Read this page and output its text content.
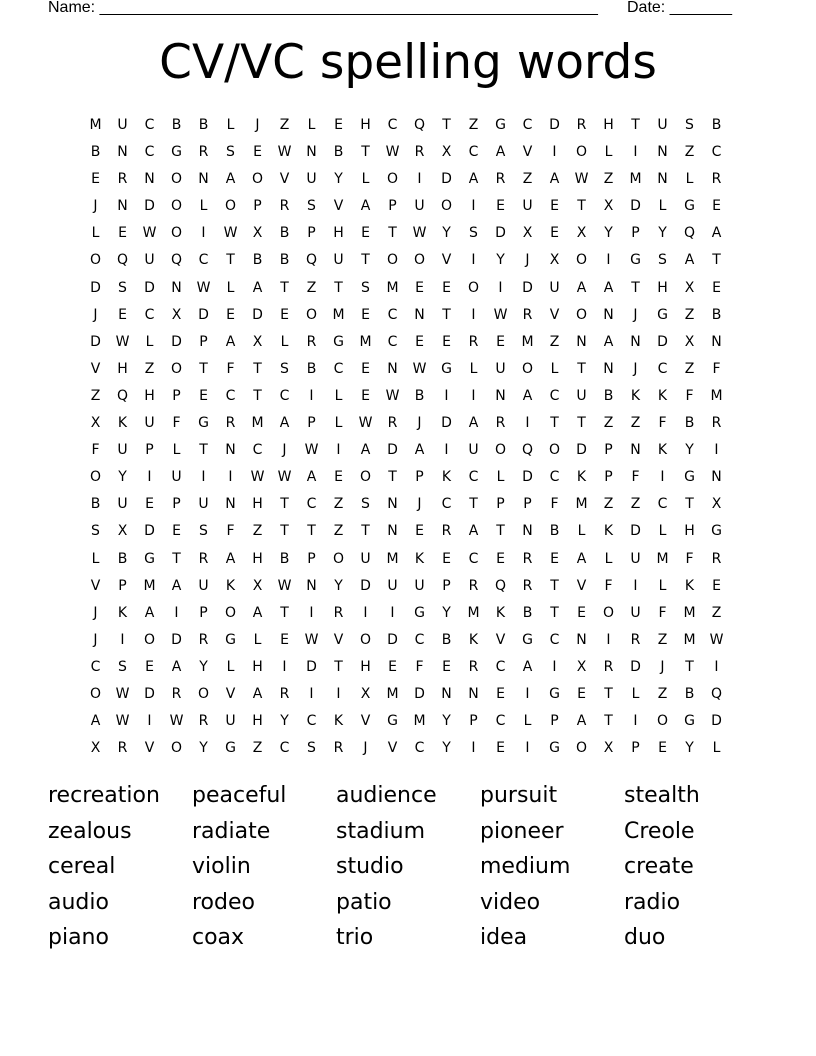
Name: ________________________________________________________ Date: _______
CV/VC spelling words
M	U	C	B	B	L	J	Z	L	E	H	C	Q	T	Z	G	C	D	R	H	T	U	S	B
B	N	C	G	R	S	E	W	N	B	T	W	R	X	C	A	V	I	O	L	I	N	Z	C
E	R	N	O	N	A	O	V	U	Y	L	O	I	D	A	R	Z	A	W	Z	M	N	L	R
J	N	D	O	L	O	P	R	S	V	A	P	U	O	I	E	U	E	T	X	D	L	G	E
L	E	W	O	I	W	X	B	P	H	E	T	W	Y	S	D	X	E	X	Y	P	Y	Q	A
O	Q	U	Q	C	T	B	B	Q	U	T	O	O	V	I	Y	J	X	O	I	G	S	A	T
D	S	D	N	W	L	A	T	Z	T	S	M	E	E	O	I	D	U	A	A	T	H	X	E
J	E	C	X	D	E	D	E	O	M	E	C	N	T	I	W	R	V	O	N	J	G	Z	B
D	W	L	D	P	A	X	L	R	G	M	C	E	E	R	E	M	Z	N	A	N	D	X	N
V	H	Z	O	T	F	T	S	B	C	E	N	W	G	L	U	O	L	T	N	J	C	Z	F
Z	Q	H	P	E	C	T	C	I	L	E	W	B	I	I	N	A	C	U	B	K	K	F	M
X	K	U	F	G	R	M	A	P	L	W	R	J	D	A	R	I	T	T	Z	Z	F	B	R
F	U	P	L	T	N	C	J	W	I	A	D	A	I	U	O	Q	O	D	P	N	K	Y	I
O	Y	I	U	I	I	W W	A	E	O	T	P	K	C	L	D	C	K	P	F	I	G	N
B	U	E	P	U	N	H	T	C	Z	S	N	J	C	T	P	P	F	M	Z	Z	C	T	X
S	X	D	E	S	F	Z	T	T	Z	T	N	E	R	A	T	N	B	L	K	D	L	H	G
L	B	G	T	R	A	H	B	P	O	U	M	K	E	C	E	R	E	A	L	U	M	F	R
V	P	M	A	U	K	X	W	N	Y	D	U	U	P	R	Q	R	T	V	F	I	L	K	E
J	K	A	I	P	O	A	T	I	R	I	I	G	Y	M	K	B	T	E	O	U	F	M	Z
J	I	O	D	R	G	L	E	W	V	O	D	C	B	K	V	G	C	N	I	R	Z	M	W
C	S	E	A	Y	L	H	I	D	T	H	E	F	E	R	C	A	I	X	R	D	J	T	I
O	W	D	R	O	V	A	R	I	I	X	M	D	N	N	E	I	G	E	T	L	Z	B	Q
A	W	I	W	R	U	H	Y	C	K	V	G	M	Y	P	C	L	P	A	T	I	O	G	D
X	R	V	O	Y	G	Z	C	S	R	J	V	C	Y	I	E	I	G	O	X	P	E	Y	L
recreation	peaceful	audience	pursuit	stealth
zealous	radiate	stadium	pioneer	Creole
cereal	violin	studio	medium	create
audio	rodeo	patio	video	radio
piano	coax	trio	idea	duo
